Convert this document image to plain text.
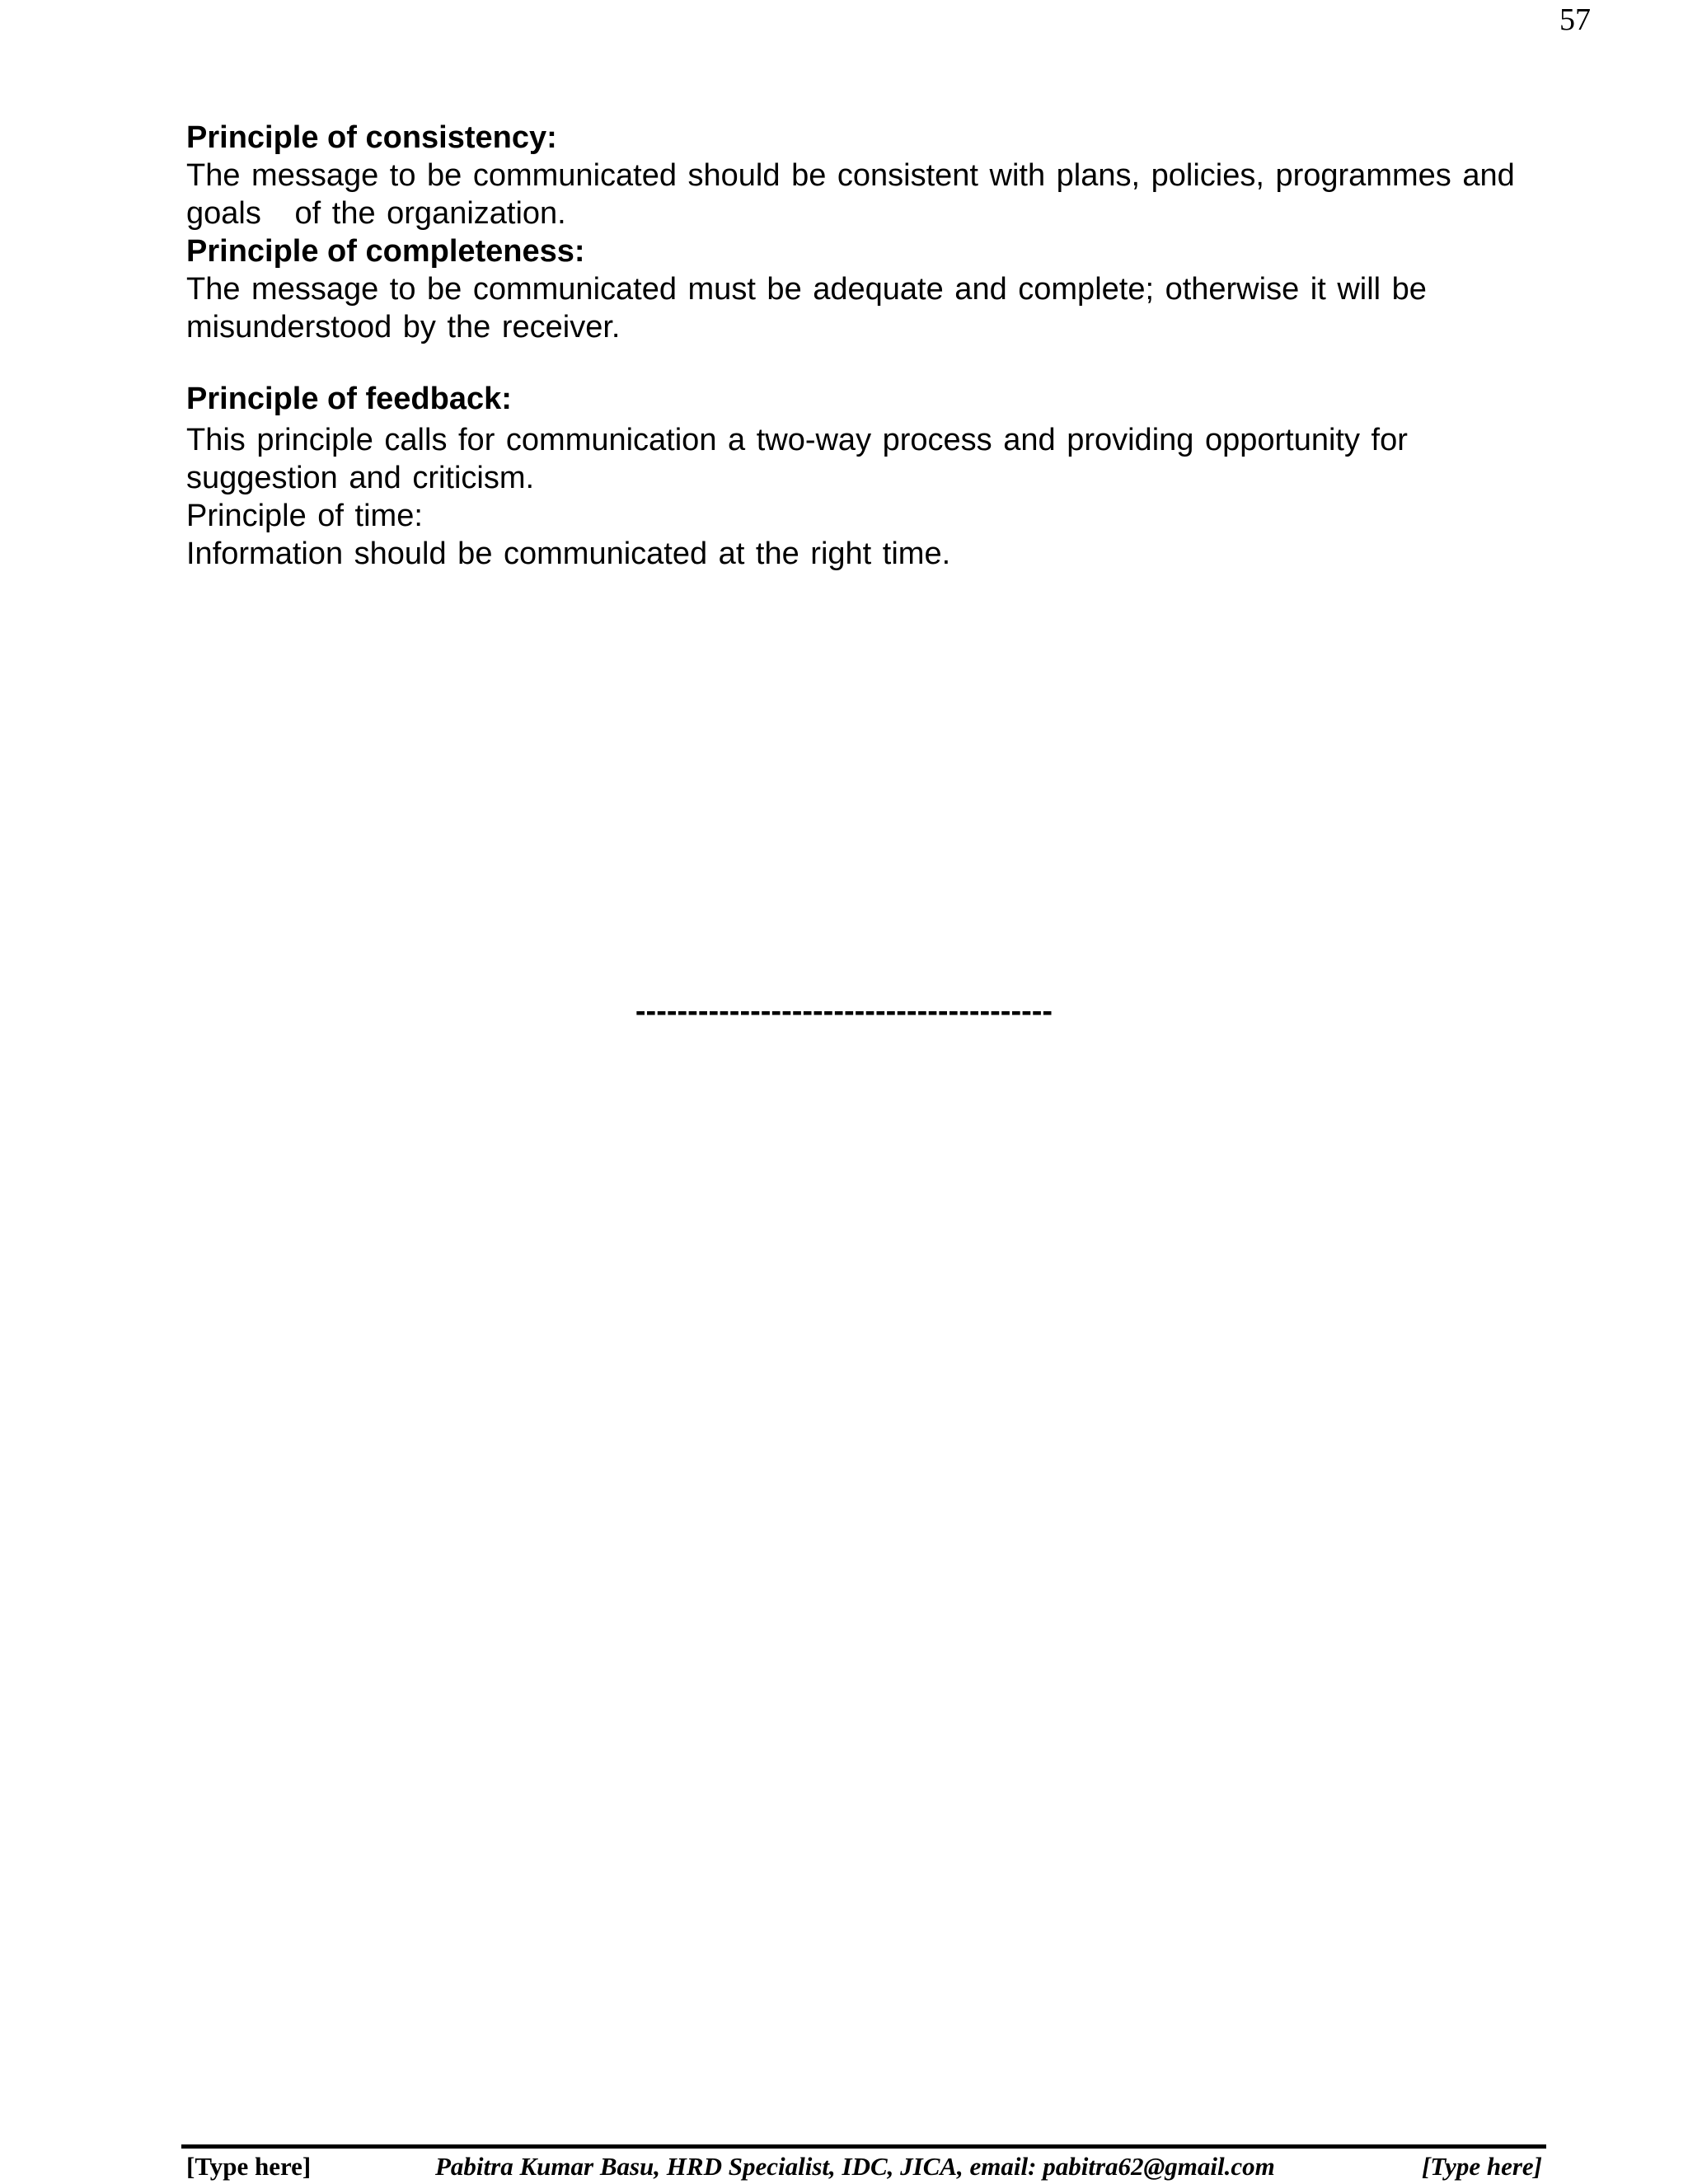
57

Principle of consistency:

The message to be communicated should be consistent with plans, policies, programmes and

goals   of the organization.

Principle of completeness:

The message to be communicated must be adequate and complete; otherwise it will be

misunderstood by the receiver.

Principle of feedback:

This principle calls for communication a two-way process and providing opportunity for

suggestion and criticism.

Principle of time:

Information should be communicated at the right time.

----------------------------------------
[Type here]	Pabitra Kumar Basu, HRD Specialist, IDC, JICA, email: pabitra62@gmail.com	[Type here]
